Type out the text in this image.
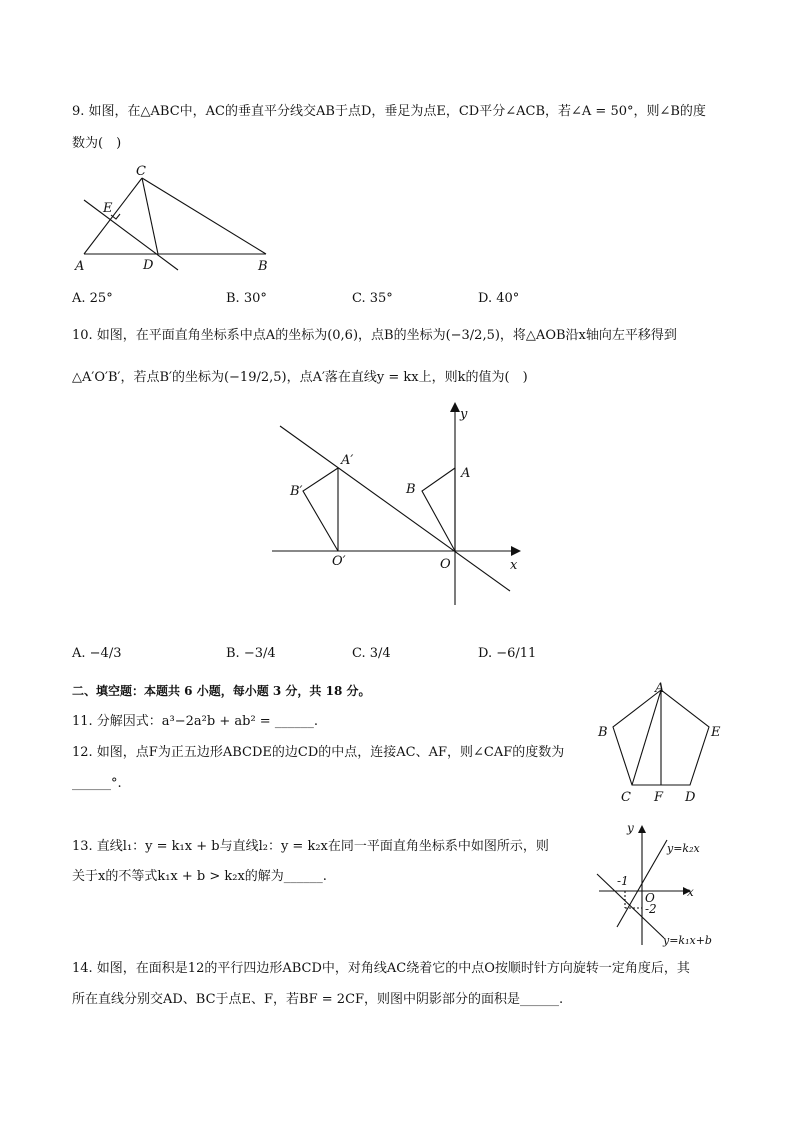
9. 如图，在△ABC中，AC的垂直平分线交AB于点D，垂足为点E，CD平分∠ACB，若∠A = 50°，则∠B的度
数为(　)
C
E
A	D	B
A. 25°	B. 30°	C. 35°	D. 40°
10. 如图，在平面直角坐标系中点A的坐标为(0,6)，点B的坐标为(−3/2,5)，将△AOB沿x轴向左平移得到
△A′O′B′，若点B′的坐标为(−19/2,5)，点A′落在直线y = kx上，则k的值为(　)
y
x
O
O′
A
A′
B
B′
A. −4/3	B. −3/4	C. 3/4	D. −6/11
二、填空题：本题共 6 小题，每小题 3 分，共 18 分。
11. 分解因式：a³−2a²b + ab² = ______.
12. 如图，点F为正五边形ABCDE的边CD的中点，连接AC、AF，则∠CAF的度数为
______°.
A
B	E
C F D
13. 直线l₁：y = k₁x + b与直线l₂：y = k₂x在同一平面直角坐标系中如图所示，则
关于x的不等式k₁x + b > k₂x的解为______.
y
x
O
-1
-2
y=k₂x
y=k₁x+b
14. 如图，在面积是12的平行四边形ABCD中，对角线AC绕着它的中点O按顺时针方向旋转一定角度后，其
所在直线分别交AD、BC于点E、F，若BF = 2CF，则图中阴影部分的面积是______.
